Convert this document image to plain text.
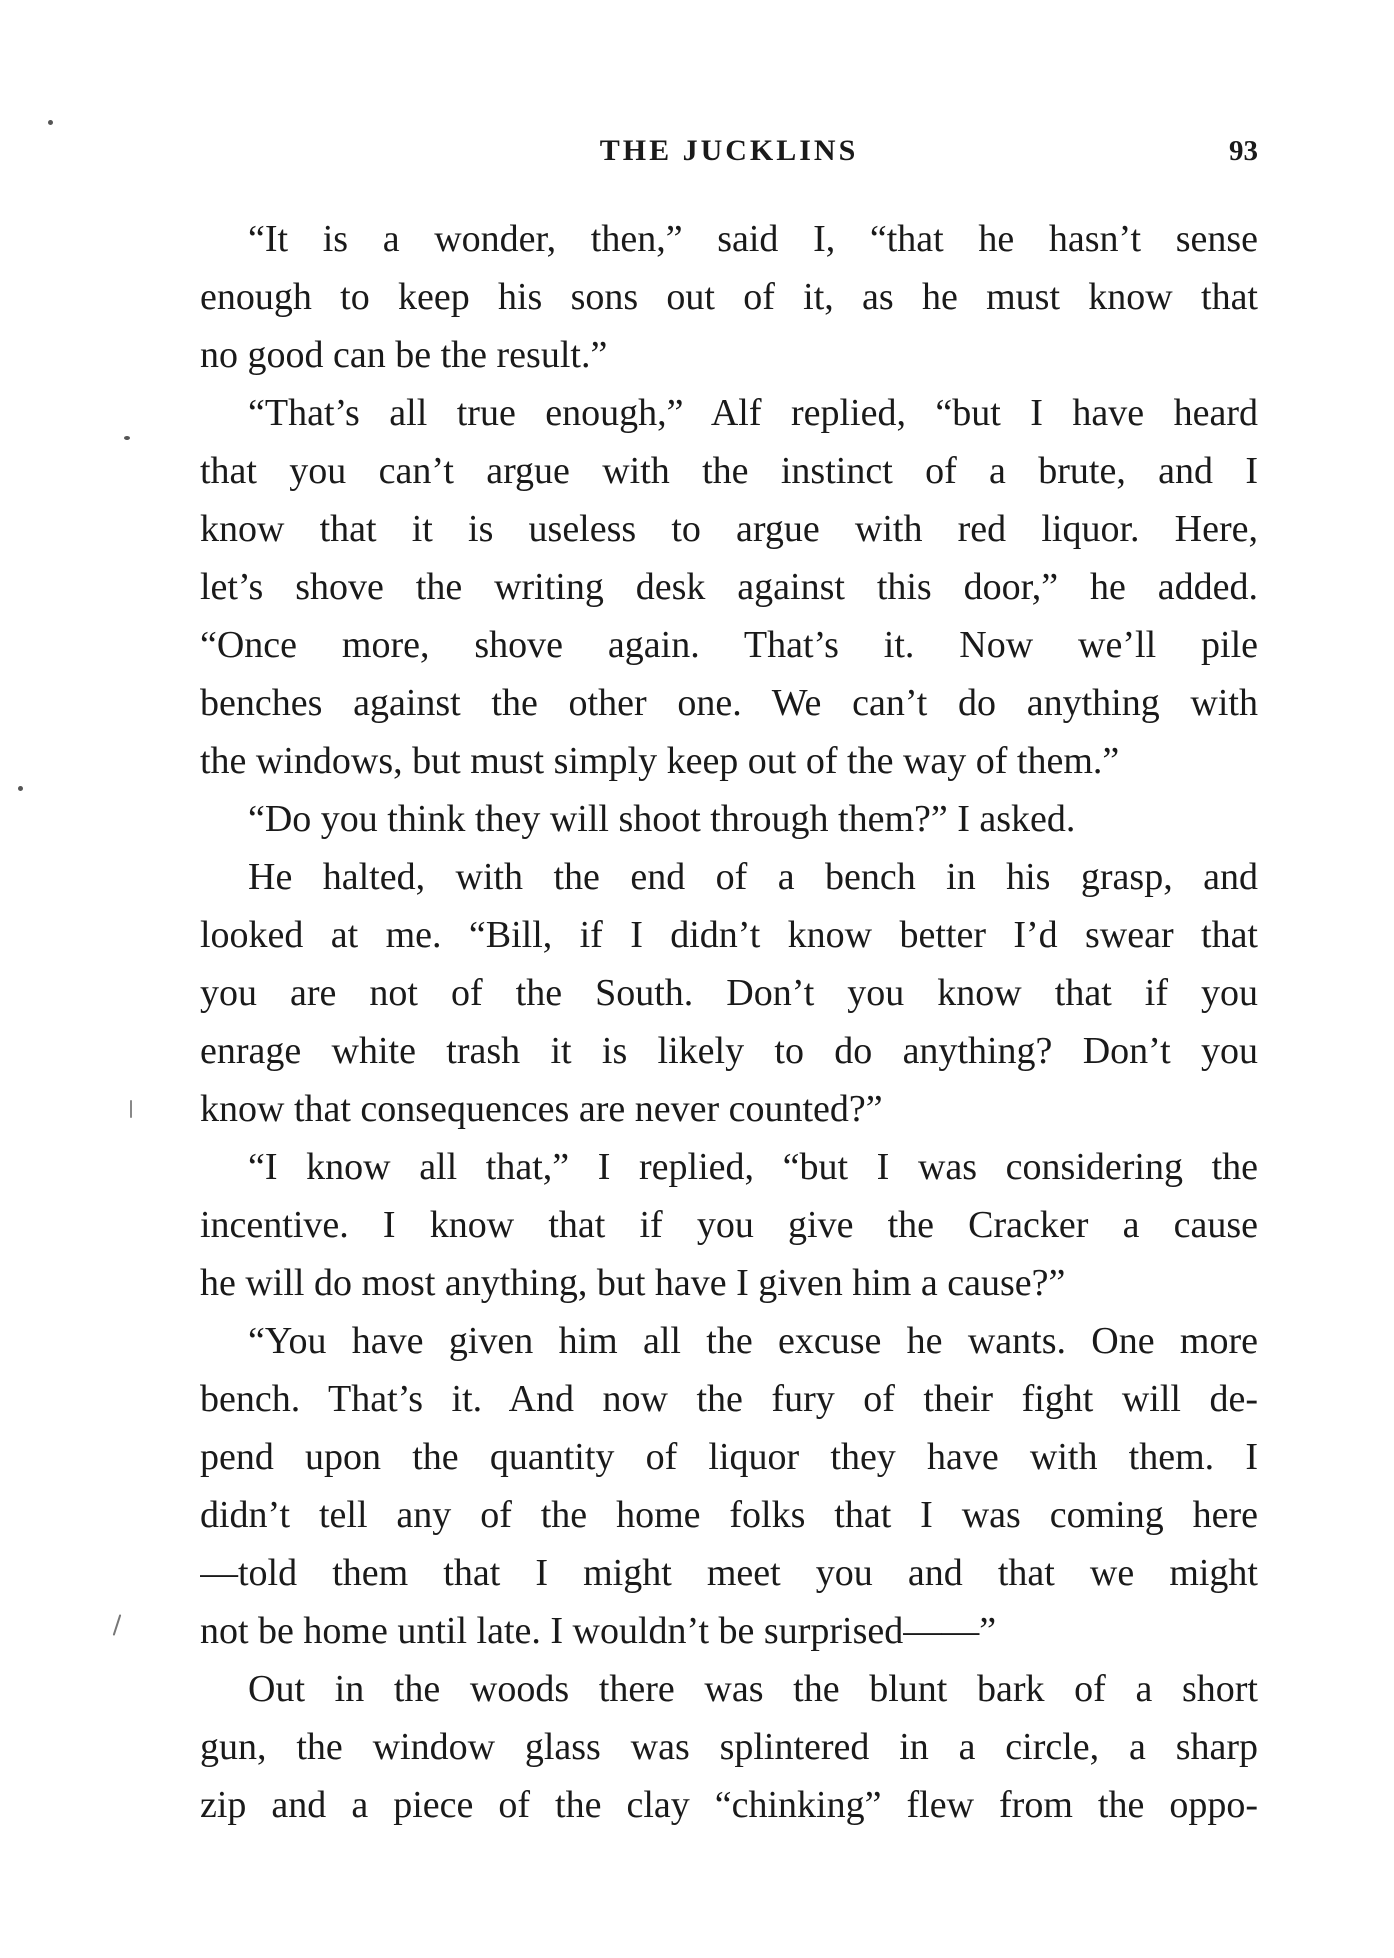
THE JUCKLINS	93
“It is a wonder, then,” said I, “that he hasn’t sense
enough to keep his sons out of it, as he must know that
no good can be the result.”
“That’s all true enough,” Alf replied, “but I have heard
that you can’t argue with the instinct of a brute, and I
know that it is useless to argue with red liquor. Here,
let’s shove the writing desk against this door,” he added.
“Once more, shove again. That’s it. Now we’ll pile
benches against the other one. We can’t do anything with
the windows, but must simply keep out of the way of them.”
“Do you think they will shoot through them?” I asked.
He halted, with the end of a bench in his grasp, and
looked at me. “Bill, if I didn’t know better I’d swear that
you are not of the South. Don’t you know that if you
enrage white trash it is likely to do anything? Don’t you
know that consequences are never counted?”
“I know all that,” I replied, “but I was considering the
incentive. I know that if you give the Cracker a cause
he will do most anything, but have I given him a cause?”
“You have given him all the excuse he wants. One more
bench. That’s it. And now the fury of their fight will de-
pend upon the quantity of liquor they have with them. I
didn’t tell any of the home folks that I was coming here
—told them that I might meet you and that we might
not be home until late. I wouldn’t be surprised——”
Out in the woods there was the blunt bark of a short
gun, the window glass was splintered in a circle, a sharp
zip and a piece of the clay “chinking” flew from the oppo-
